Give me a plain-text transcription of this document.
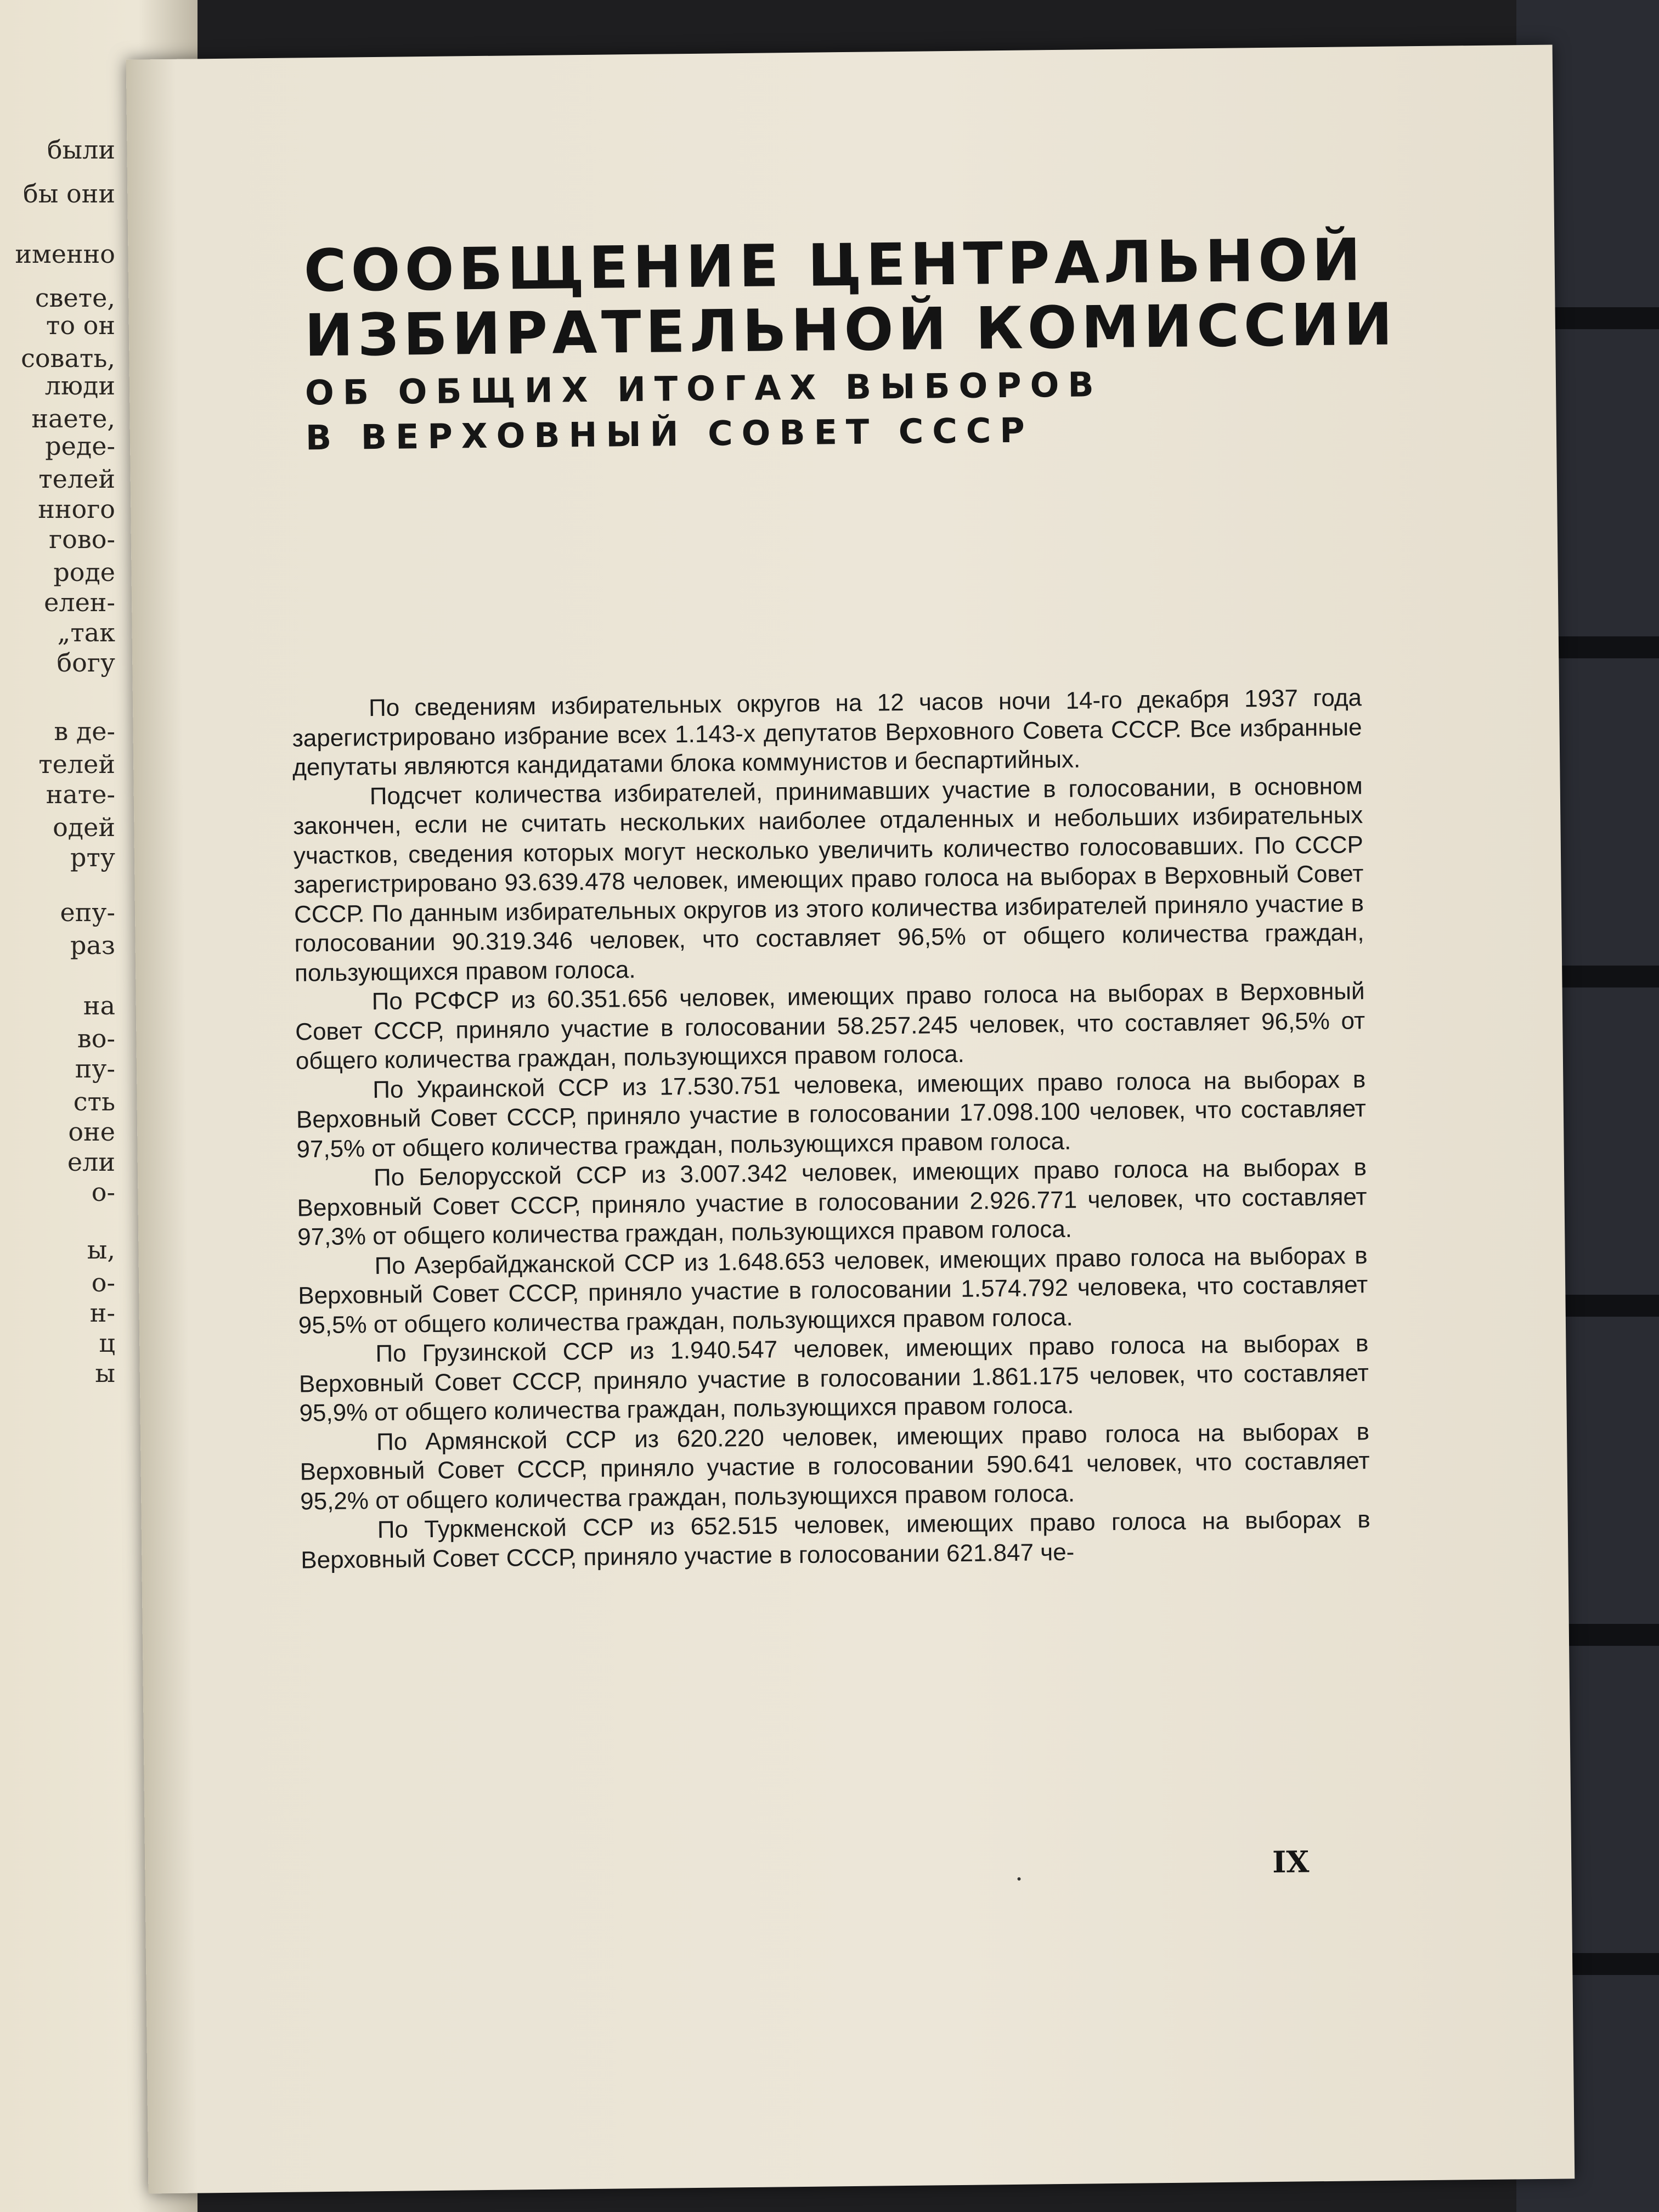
были
бы они
именно
свете,
то он
совать,
люди
наете,
реде-
телей
нного
гово-
роде
елен-
„так
богу
в де-
телей
нате-
одей
рту
епу-
раз
на
во-
пу-
сть
оне
ели
о-
ы,
о-
н-
ц
ы
СООБЩЕНИЕ ЦЕНТРАЛЬНОЙ
ИЗБИРАТЕЛЬНОЙ КОМИССИИ
ОБ ОБЩИХ ИТОГАХ ВЫБОРОВ
В ВЕРХОВНЫЙ СОВЕТ СССР

По сведениям избирательных округов на 12 часов ночи 14-го декабря 1937 года зарегистрировано избрание всех 1.143-х депутатов Верховного Совета СССР. Все избранные депутаты являются кандидатами блока коммунистов и беспартийных.

Подсчет количества избирателей, принимавших участие в голосовании, в основном закончен, если не считать нескольких наиболее отдаленных и небольших избирательных участков, сведения которых могут несколько увеличить количество голосовавших. По СССР зарегистрировано 93.639.478 человек, имеющих право голоса на выборах в Верховный Совет СССР. По данным избирательных округов из этого количества избирателей приняло участие в голосовании 90.319.346 человек, что составляет 96,5% от общего количества граждан, пользующихся правом голоса.

По РСФСР из 60.351.656 человек, имеющих право голоса на выборах в Верховный Совет СССР, приняло участие в голосовании 58.257.245 человек, что составляет 96,5% от общего количества граждан, пользующихся правом голоса.

По Украинской ССР из 17.530.751 человека, имеющих право голоса на выборах в Верховный Совет СССР, приняло участие в голосовании 17.098.100 человек, что составляет 97,5% от общего количества граждан, пользующихся правом голоса.

По Белорусской ССР из 3.007.342 человек, имеющих право голоса на выборах в Верховный Совет СССР, приняло участие в голосовании 2.926.771 человек, что составляет 97,3% от общего количества граждан, пользующихся правом голоса.

По Азербайджанской ССР из 1.648.653 человек, имеющих право голоса на выборах в Верховный Совет СССР, приняло участие в голосовании 1.574.792 человека, что составляет 95,5% от общего количества граждан, пользующихся правом голоса.

По Грузинской ССР из 1.940.547 человек, имеющих право голоса на выборах в Верховный Совет СССР, приняло участие в голосовании 1.861.175 человек, что составляет 95,9% от общего количества граждан, пользующихся правом голоса.

По Армянской ССР из 620.220 человек, имеющих право голоса на выборах в Верховный Совет СССР, приняло участие в голосовании 590.641 человек, что составляет 95,2% от общего количества граждан, пользующихся правом голоса.

По Туркменской ССР из 652.515 человек, имеющих право голоса на выборах в Верховный Совет СССР, приняло участие в голосовании 621.847 че-

IX
